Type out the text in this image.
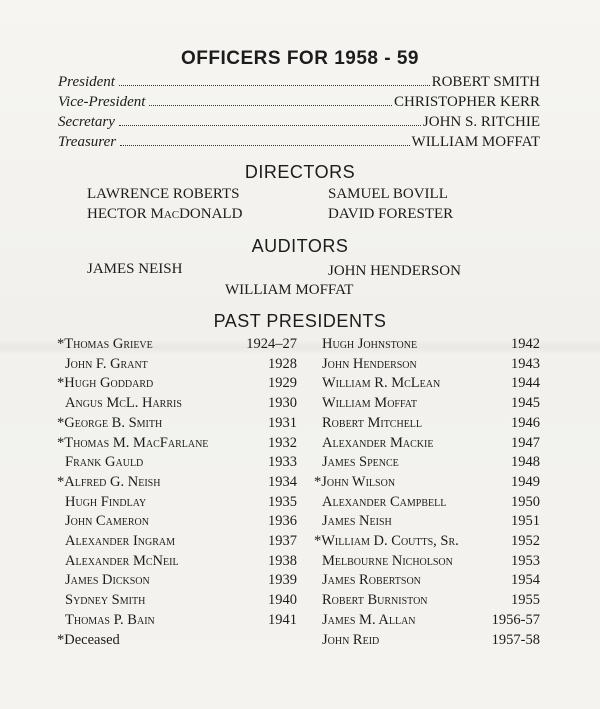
OFFICERS FOR 1958 - 59
President	ROBERT SMITH
Vice-President	CHRISTOPHER KERR
Secretary	JOHN S. RITCHIE
Treasurer	WILLIAM MOFFAT
DIRECTORS
LAWRENCE ROBERTS	SAMUEL BOVILL
HECTOR MacDONALD	DAVID FORESTER
AUDITORS
JAMES NEISH	JOHN HENDERSON
WILLIAM MOFFAT
PAST PRESIDENTS
*Thomas Grieve	1924–27
John F. Grant	1928
*Hugh Goddard	1929
Angus McL. Harris	1930
*George B. Smith	1931
*Thomas M. MacFarlane	1932
Frank Gauld	1933
*Alfred G. Neish	1934
Hugh Findlay	1935
John Cameron	1936
Alexander Ingram	1937
Alexander McNeil	1938
James Dickson	1939
Sydney Smith	1940
Thomas P. Bain	1941
Hugh Johnstone	1942
John Henderson	1943
William R. McLean	1944
William Moffat	1945
Robert Mitchell	1946
Alexander Mackie	1947
James Spence	1948
*John Wilson	1949
Alexander Campbell	1950
James Neish	1951
*William D. Coutts, Sr.	1952
Melbourne Nicholson	1953
James Robertson	1954
Robert Burniston	1955
James M. Allan	1956-57
John Reid	1957-58
*Deceased
